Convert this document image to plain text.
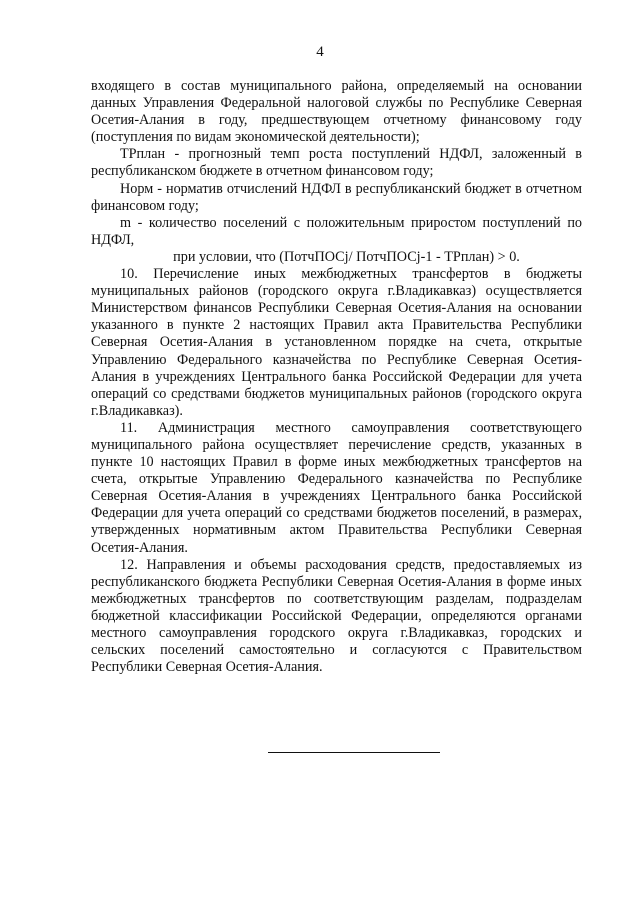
4

входящего в состав муниципального района, определяемый на основании данных Управления Федеральной налоговой службы по Республике Северная Осетия-Алания в году, предшествующем отчетному финансовому году (поступления по видам экономической деятельности);

ТРплан - прогнозный темп роста поступлений НДФЛ, заложенный в республиканском бюджете в отчетном финансовом году;

Норм - норматив отчислений НДФЛ в республиканский бюджет в отчетном финансовом году;

m - количество поселений с положительным приростом поступлений по НДФЛ,

при условии, что (ПотчПОСj/ ПотчПОСj-1 - ТРплан) > 0.

10. Перечисление иных межбюджетных трансфертов в бюджеты муниципальных районов (городского округа г.Владикавказ) осуществляется Министерством финансов Республики Северная Осетия-Алания на основании указанного в пункте 2 настоящих Правил акта Правительства Республики Северная Осетия-Алания в установленном порядке на счета, открытые Управлению Федерального казначейства по Республике Северная Осетия-Алания в учреждениях Центрального банка Российской Федерации для учета операций со средствами бюджетов муниципальных районов (городского округа г.Владикавказ).

11. Администрация местного самоуправления соответствующего муниципального района осуществляет перечисление средств, указанных в пункте 10 настоящих Правил в форме иных межбюджетных трансфертов на счета, открытые Управлению Федерального казначейства по Республике Северная Осетия-Алания в учреждениях Центрального банка Российской Федерации для учета операций со средствами бюджетов поселений, в размерах, утвержденных нормативным актом Правительства Республики Северная Осетия-Алания.

12. Направления и объемы расходования средств, предоставляемых из республиканского бюджета Республики Северная Осетия-Алания в форме иных межбюджетных трансфертов по соответствующим разделам, подразделам бюджетной классификации Российской Федерации, определяются органами местного самоуправления городского округа г.Владикавказ, городских и сельских поселений самостоятельно и согласуются с Правительством Республики Северная Осетия-Алания.
